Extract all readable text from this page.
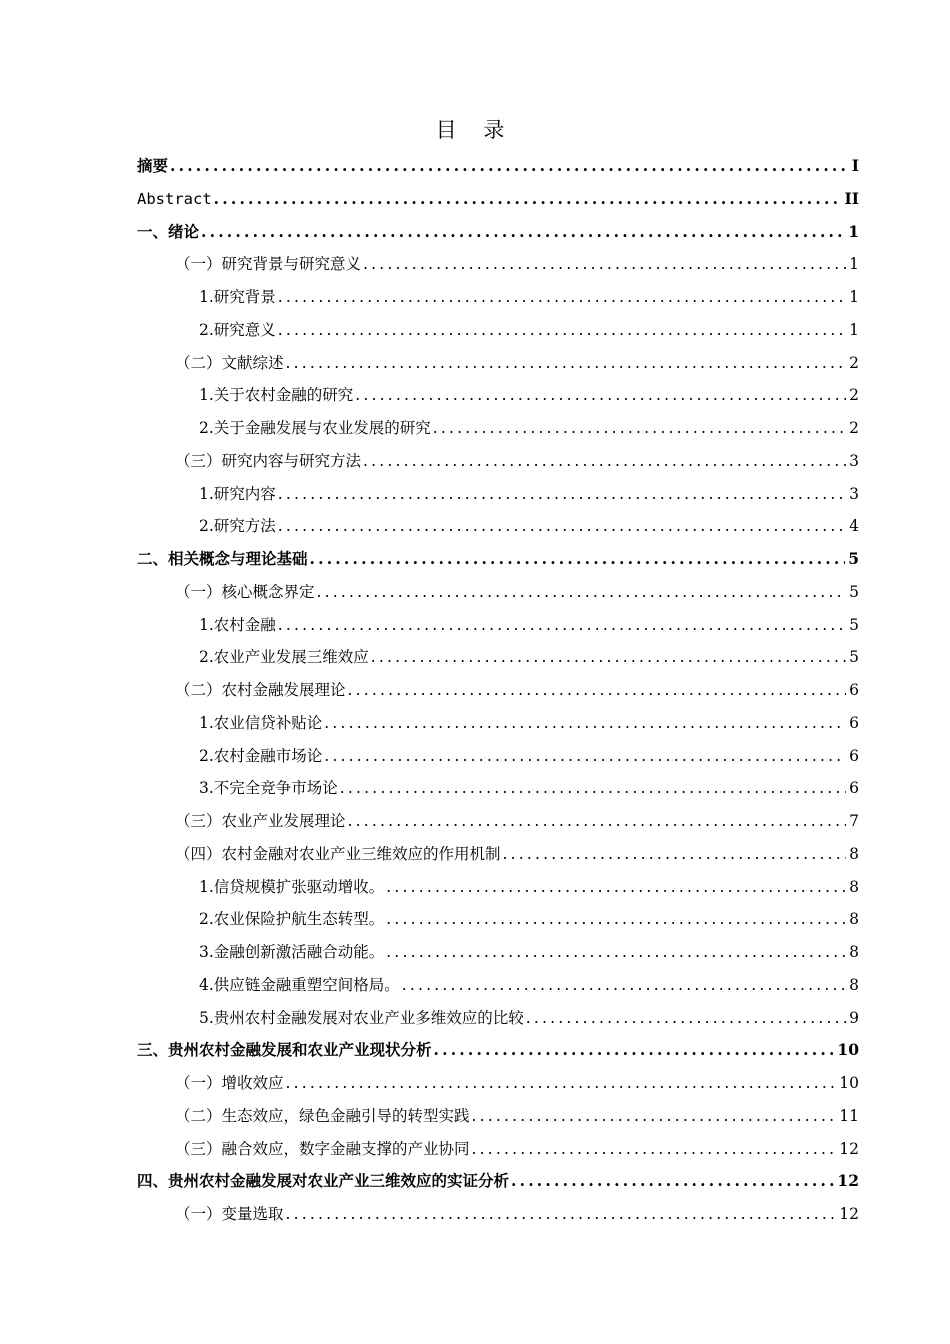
目 录
摘要 .....	I
Abstract .....	II
一、绪论 .....	1
（一）研究背景与研究意义 .....	1
1.研究背景 .....	1
2.研究意义 .....	1
（二）文献综述 .....	2
1.关于农村金融的研究 .....	2
2.关于金融发展与农业发展的研究 .....	2
（三）研究内容与研究方法 .....	3
1.研究内容 .....	3
2.研究方法 .....	4
二、相关概念与理论基础 .....	5
（一）核心概念界定 .....	5
1.农村金融 .....	5
2.农业产业发展三维效应 .....	5
（二）农村金融发展理论 .....	6
1.农业信贷补贴论 .....	6
2.农村金融市场论 .....	6
3.不完全竞争市场论 .....	6
（三）农业产业发展理论 .....	7
（四）农村金融对农业产业三维效应的作用机制 .....	8
1.信贷规模扩张驱动增收。 .....	8
2.农业保险护航生态转型。 .....	8
3.金融创新激活融合动能。 .....	8
4.供应链金融重塑空间格局。 .....	8
5.贵州农村金融发展对农业产业多维效应的比较 .....	9
三、贵州农村金融发展和农业产业现状分析 .....	10
（一）增收效应 .....	10
（二）生态效应，绿色金融引导的转型实践 .....	11
（三）融合效应，数字金融支撑的产业协同 .....	12
四、贵州农村金融发展对农业产业三维效应的实证分析 .....	12
（一）变量选取 .....	12
